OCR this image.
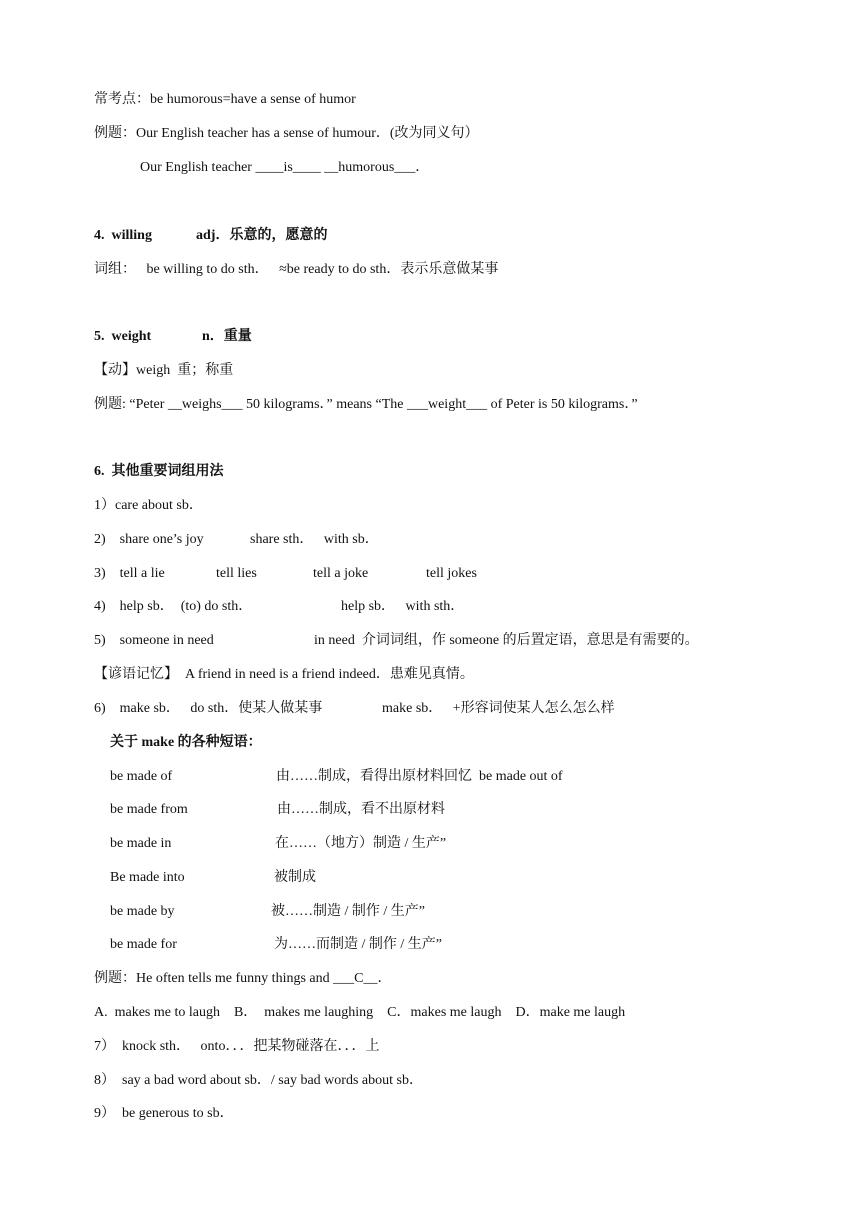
常考点：be humorous=have a sense of humor
例题：Our English teacher has a sense of humour．(改为同义句）
Our English teacher ____is____ __humorous___．
4.  willing	adj．乐意的，愿意的
词组：   be willing to do sth．   ≈be ready to do sth．表示乐意做某事
5.  weight	n．重量
【动】weigh  重；称重
例题: “Peter __weighs___ 50 kilograms．” means “The ___weight___ of Peter is 50 kilograms．”
6.  其他重要词组用法
1）care about sb．
2)    share one’s joy	share sth．   with sb．
3)    tell a lie	tell lies	tell a joke	tell jokes
4)    help sb．  (to) do sth．	help sb．   with sth．
5)    someone in need	in need  介词词组，作 someone 的后置定语，意思是有需要的。
【谚语记忆】  A friend in need is a friend indeed．患难见真情。
6)    make sb．   do sth．使某人做某事	make sb．   +形容词使某人怎么怎么样
关于 make 的各种短语：
be made of	由……制成，看得出原材料回忆  be made out of
be made from	由……制成，看不出原材料
be made in	在……（地方）制造 / 生产”
Be made into	被制成
be made by	被……制造 / 制作 / 生产”
be made for	为……而制造 / 制作 / 生产”
例题：He often tells me funny things and ___C__．
A.  makes me to laugh    B．  makes me laughing    C．makes me laugh    D．make me laugh
7）  knock sth．   onto．．．把某物碰落在．．．上
8）  say a bad word about sb．/ say bad words about sb．
9）  be generous to sb．
